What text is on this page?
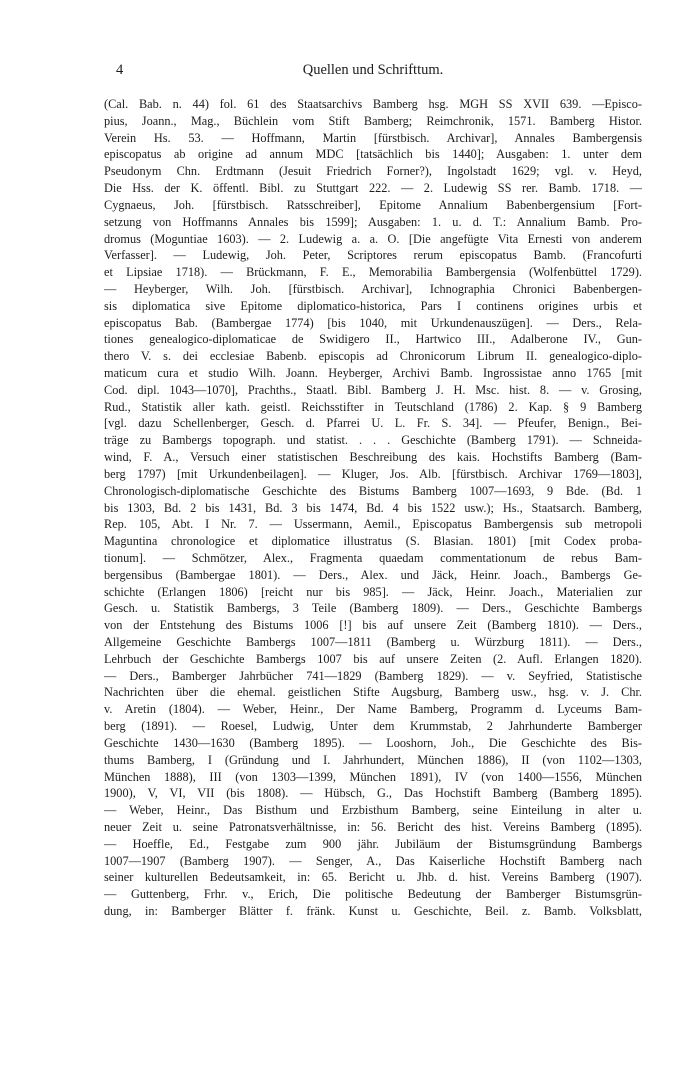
4	Quellen und Schrifttum.
(Cal. Bab. n. 44) fol. 61 des Staatsarchivs Bamberg hsg. MGH SS XVII 639. —Episco-
pius, Joann., Mag., Büchlein vom Stift Bamberg; Reimchronik, 1571. Bamberg Histor.
Verein Hs. 53. — Hoffmann, Martin [fürstbisch. Archivar], Annales Bambergensis
episcopatus ab origine ad annum MDC [tatsächlich bis 1440]; Ausgaben: 1. unter dem
Pseudonym Chn. Erdtmann (Jesuit Friedrich Forner?), Ingolstadt 1629; vgl. v. Heyd,
Die Hss. der K. öffentl. Bibl. zu Stuttgart 222. — 2. Ludewig SS rer. Bamb. 1718. —
Cygnaeus, Joh. [fürstbisch. Ratsschreiber], Epitome Annalium Babenbergensium [Fort-
setzung von Hoffmanns Annales bis 1599]; Ausgaben: 1. u. d. T.: Annalium Bamb. Pro-
dromus (Moguntiae 1603). — 2. Ludewig a. a. O. [Die angefügte Vita Ernesti von anderem
Verfasser]. — Ludewig, Joh. Peter, Scriptores rerum episcopatus Bamb. (Francofurti
et Lipsiae 1718). — Brückmann, F. E., Memorabilia Bambergensia (Wolfenbüttel 1729).
— Heyberger, Wilh. Joh. [fürstbisch. Archivar], Ichnographia Chronici Babenbergen-
sis diplomatica sive Epitome diplomatico-historica, Pars I continens origines urbis et
episcopatus Bab. (Bambergae 1774) [bis 1040, mit Urkundenauszügen]. — Ders., Rela-
tiones genealogico-diplomaticae de Swidigero II., Hartwico III., Adalberone IV., Gun-
thero V. s. dei ecclesiae Babenb. episcopis ad Chronicorum Librum II. genealogico-diplo-
maticum cura et studio Wilh. Joann. Heyberger, Archivi Bamb. Ingrossistae anno 1765 [mit
Cod. dipl. 1043—1070], Prachths., Staatl. Bibl. Bamberg J. H. Msc. hist. 8. — v. Grosing,
Rud., Statistik aller kath. geistl. Reichsstifter in Teutschland (1786) 2. Kap. § 9 Bamberg
[vgl. dazu Schellenberger, Gesch. d. Pfarrei U. L. Fr. S. 34]. — Pfeufer, Benign., Bei-
träge zu Bambergs topograph. und statist. . . . Geschichte (Bamberg 1791). — Schneida-
wind, F. A., Versuch einer statistischen Beschreibung des kais. Hochstifts Bamberg (Bam-
berg 1797) [mit Urkundenbeilagen]. — Kluger, Jos. Alb. [fürstbisch. Archivar 1769—1803],
Chronologisch-diplomatische Geschichte des Bistums Bamberg 1007—1693, 9 Bde. (Bd. 1
bis 1303, Bd. 2 bis 1431, Bd. 3 bis 1474, Bd. 4 bis 1522 usw.); Hs., Staatsarch. Bamberg,
Rep. 105, Abt. I Nr. 7. — Ussermann, Aemil., Episcopatus Bambergensis sub metropoli
Maguntina chronologice et diplomatice illustratus (S. Blasian. 1801) [mit Codex proba-
tionum]. — Schmötzer, Alex., Fragmenta quaedam commentationum de rebus Bam-
bergensibus (Bambergae 1801). — Ders., Alex. und Jäck, Heinr. Joach., Bambergs Ge-
schichte (Erlangen 1806) [reicht nur bis 985]. — Jäck, Heinr. Joach., Materialien zur
Gesch. u. Statistik Bambergs, 3 Teile (Bamberg 1809). — Ders., Geschichte Bambergs
von der Entstehung des Bistums 1006 [!] bis auf unsere Zeit (Bamberg 1810). — Ders.,
Allgemeine Geschichte Bambergs 1007—1811 (Bamberg u. Würzburg 1811). — Ders.,
Lehrbuch der Geschichte Bambergs 1007 bis auf unsere Zeiten (2. Aufl. Erlangen 1820).
— Ders., Bamberger Jahrbücher 741—1829 (Bamberg 1829). — v. Seyfried, Statistische
Nachrichten über die ehemal. geistlichen Stifte Augsburg, Bamberg usw., hsg. v. J. Chr.
v. Aretin (1804). — Weber, Heinr., Der Name Bamberg, Programm d. Lyceums Bam-
berg (1891). — Roesel, Ludwig, Unter dem Krummstab, 2 Jahrhunderte Bamberger
Geschichte 1430—1630 (Bamberg 1895). — Looshorn, Joh., Die Geschichte des Bis-
thums Bamberg, I (Gründung und I. Jahrhundert, München 1886), II (von 1102—1303,
München 1888), III (von 1303—1399, München 1891), IV (von 1400—1556, München
1900), V, VI, VII (bis 1808). — Hübsch, G., Das Hochstift Bamberg (Bamberg 1895).
— Weber, Heinr., Das Bisthum und Erzbisthum Bamberg, seine Einteilung in alter u.
neuer Zeit u. seine Patronatsverhältnisse, in: 56. Bericht des hist. Vereins Bamberg (1895).
— Hoeffle, Ed., Festgabe zum 900 jähr. Jubiläum der Bistumsgründung Bambergs
1007—1907 (Bamberg 1907). — Senger, A., Das Kaiserliche Hochstift Bamberg nach
seiner kulturellen Bedeutsamkeit, in: 65. Bericht u. Jhb. d. hist. Vereins Bamberg (1907).
— Guttenberg, Frhr. v., Erich, Die politische Bedeutung der Bamberger Bistumsgrün-
dung, in: Bamberger Blätter f. fränk. Kunst u. Geschichte, Beil. z. Bamb. Volksblatt,
